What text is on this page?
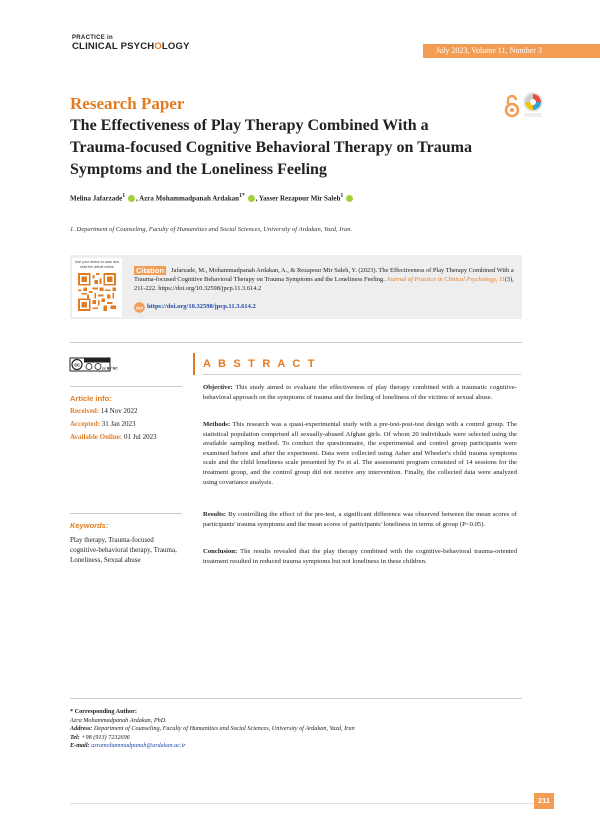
PRACTICE in
CLINICAL PSYCHOLOGY	July 2023, Volume 11, Number 3
Research Paper
The Effectiveness of Play Therapy Combined With a Trauma-focused Cognitive Behavioral Therapy on Trauma Symptoms and the Loneliness Feeling
Melina Jafarzade$^1$ , Azra Mohammadpanah Ardakan$^{1*}$ , Yasser Rezapour Mir Saleh$^1$
1. Department of Counseling, Faculty of Humanities and Social Sciences, University of Ardakan, Yazd, Iran.
Use your device to scan and read the article online
Jafarzade, M., Mohammadpanah Ardakan, A., & Rezapour Mir Saleh, Y. (2023). The Effectiveness of Play Therapy Combined With a Trauma-focused Cognitive Behavioral Therapy on Trauma Symptoms and the Loneliness Feeling. Journal of Practice in Clinical Psychology, 11(3), 211-222. https://doi.org/10.32598/jpcp.11.3.614.2
Citation
doi https://doi.org/10.32598/jpcp.11.3.614.2
cc
cc BY NC
Article info:
Received: 14 Nov 2022
Accepted: 31 Jan 2023
Available Online: 01 Jul 2023
Keywords:
Play therapy, Trauma-focused cognitive-behavioral therapy, Trauma, Loneliness, Sexual abuse
A B S T R A C T
Objective: This study aimed to evaluate the effectiveness of play therapy combined with a traumatic cognitive-behavioral approach on the symptoms of trauma and the feeling of loneliness of the victims of sexual abuse.
Methods: This research was a quasi-experimental study with a pre-test-post-test design with a control group. The statistical population comprised all sexually-abused Afghan girls. Of whom 20 individuals were selected using the available sampling method. To conduct the questionnaire, the experimental and control group participants were examined before and after the experiment. Data were collected using Asher and Wheeler's child trauma symptoms scale and the child loneliness scale presented by Fo et al. The assessment program consisted of 14 sessions for the treatment group, and the control group did not receive any intervention. Finally, the collected data were analyzed using covariance analysis.
Results: By controlling the effect of the pre-test, a significant difference was observed between the mean scores of participants' trauma symptoms and the mean scores of participants' loneliness in terms of group (P<0.05).
Conclusion: The results revealed that the play therapy combined with the cognitive-behavioral trauma-oriented treatment resulted in reduced trauma symptoms but not loneliness in these children.
* Corresponding Author:
Azra Mohammadpanah Ardakan, PhD.
Address: Department of Counseling, Faculty of Humanities and Social Sciences, University of Ardakan, Yazd, Iran
Tel: +98 (913) 7232696
E-mail: azramohammadpanah@ardakan.ac.ir
211
